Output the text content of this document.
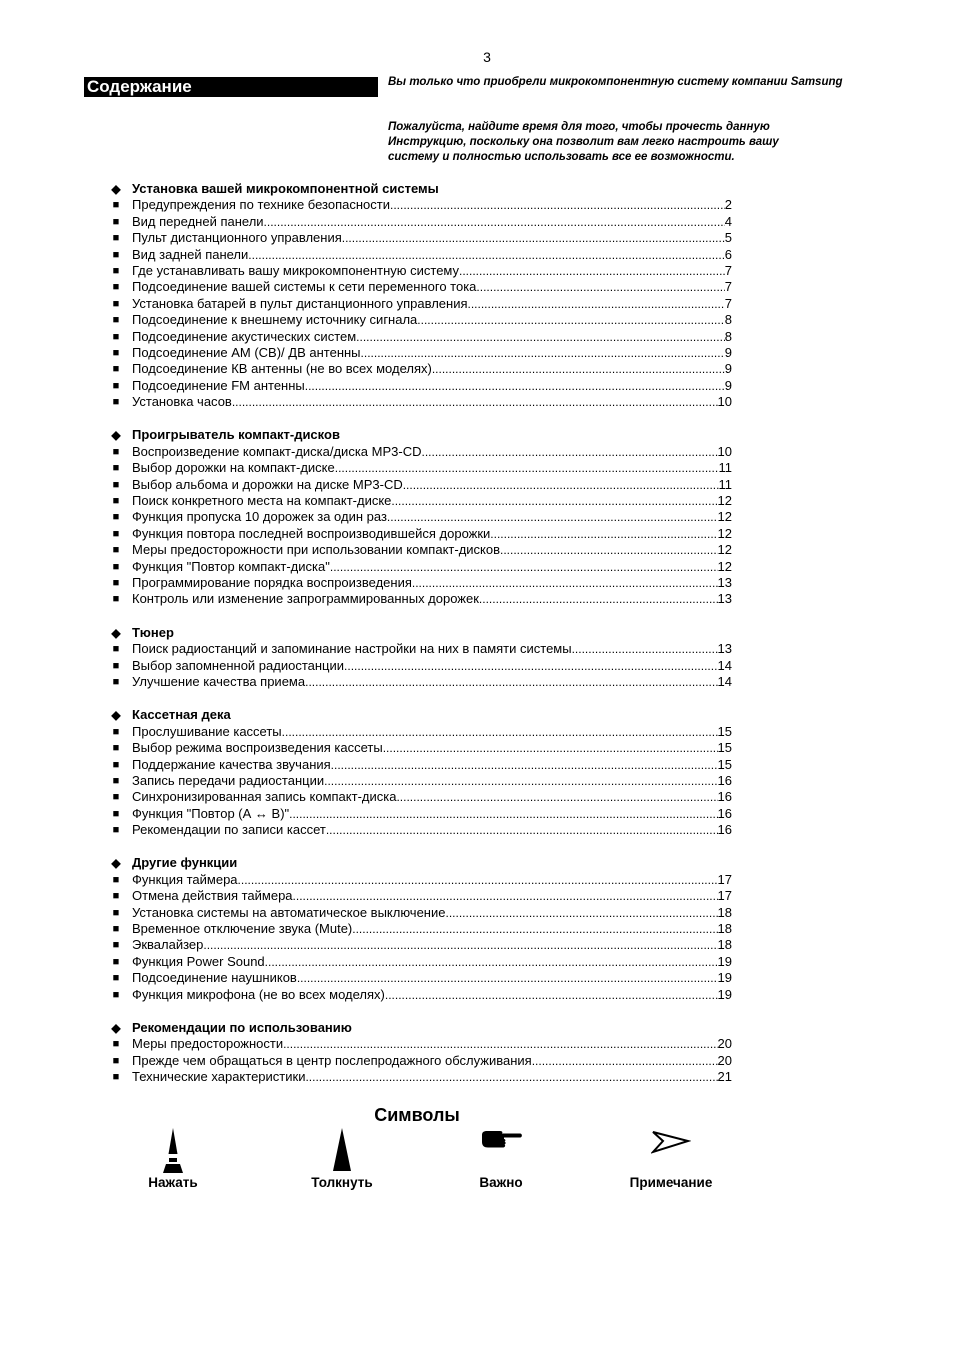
3
Содержание	Вы только что приобрели микрокомпонентную систему компании Samsung
Пожалуйста, найдите время для того, чтобы прочесть данную
Инструкцию, поскольку она позволит вам легко настроить вашу
систему и полностью использовать все ее возможности.
◆ Установка вашей микрокомпонентной системы
■ Предупреждения по технике безопасности .....	2
■ Вид передней панели .....	4
■ Пульт дистанционного управления .....	5
■ Вид задней панели .....	6
■ Где устанавливать вашу микрокомпонентную систему .....	7
■ Подсоединение вашей системы к сети переменного тока .....	7
■ Установка батарей в пульт дистанционного управления .....	7
■ Подсоединение к внешнему источнику сигнала .....	8
■ Подсоединение акустических систем .....	8
■ Подсоединение АМ (СВ)/ ДВ антенны .....	9
■ Подсоединение КВ антенны (не во всех моделях) .....	9
■ Подсоединение FM антенны .....	9
■ Установка часов .....	10
◆ Проигрыватель компакт-дисков
■ Воспроизведение компакт-диска/диска MP3-CD .....	10
■ Выбор дорожки на компакт-диске .....	11
■ Выбор альбома и дорожки на диске MP3-CD .....	11
■ Поиск конкретного места на компакт-диске .....	12
■ Функция пропуска 10 дорожек за один раз .....	12
■ Функция повтора последней воспроизводившейся дорожки .....	12
■ Меры предосторожности при использовании компакт-дисков .....	12
■ Функция "Повтор компакт-диска" .....	12
■ Программирование порядка воспроизведения .....	13
■ Контроль или изменение запрограммированных дорожек .....	13
◆ Тюнер
■ Поиск радиостанций и запоминание настройки на них в памяти системы .....	13
■ Выбор запомненной радиостанции .....	14
■ Улучшение качества приема .....	14
◆ Кассетная дека
■ Прослушивание кассеты .....	15
■ Выбор режима воспроизведения кассеты .....	15
■ Поддержание качества звучания .....	15
■ Запись передачи радиостанции .....	16
■ Синхронизированная запись компакт-диска .....	16
■ Функция "Повтор (А ↔ В)" .....	16
■ Рекомендации по записи кассет .....	16
◆ Другие функции
■ Функция таймера .....	17
■ Отмена действия таймера .....	17
■ Установка системы на автоматическое выключение .....	18
■ Временное отключение звука (Mute) .....	18
■ Эквалайзер .....	18
■ Функция Power Sound .....	19
■ Подсоединение наушников .....	19
■ Функция микрофона (не во всех моделях) .....	19
◆ Рекомендации по использованию
■ Меры предосторожности .....	20
■ Прежде чем обращаться в центр послепродажного обслуживания .....	20
■ Технические характеристики .....	21
Символы
Нажать	Толкнуть	Важно	Примечание
